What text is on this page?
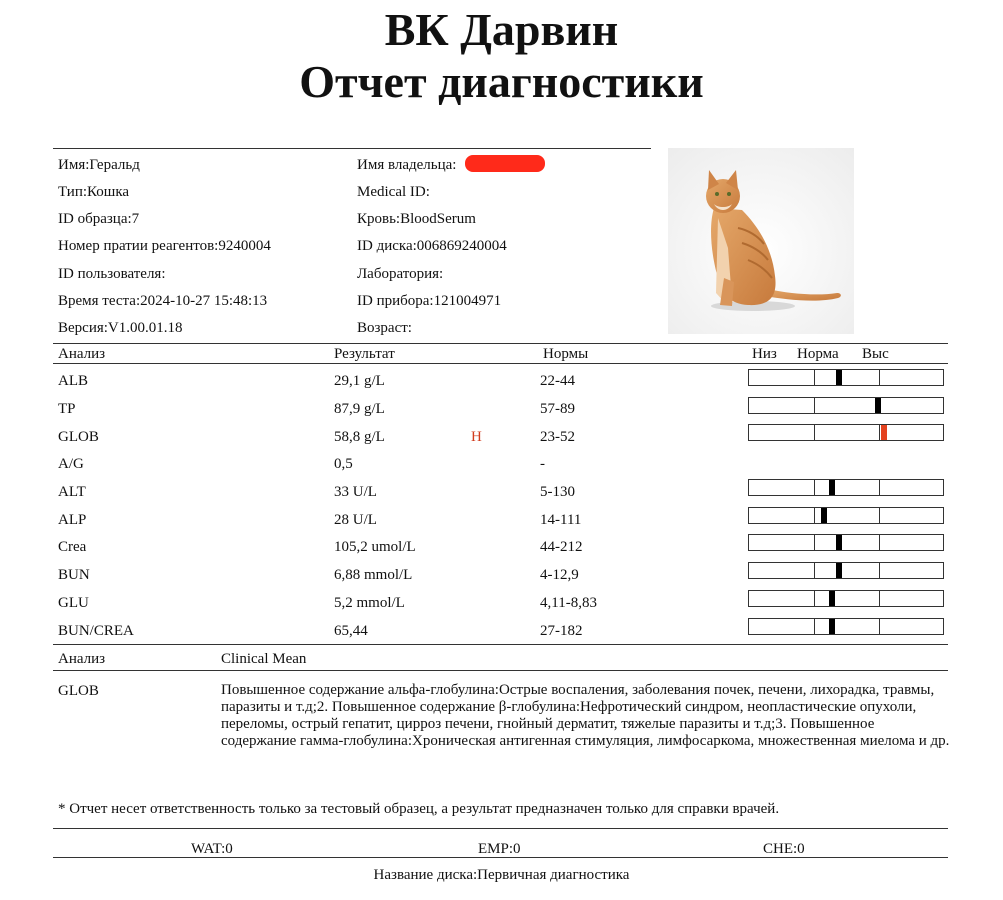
ВК Дарвин
Отчет диагностики
Имя:Геральд	Имя владельца:
Тип:Кошка	Medical ID:
ID образца:7	Кровь:BloodSerum
Номер пратии реагентов:9240004	ID диска:006869240004
ID пользователя:	Лаборатория:
Время теста:2024-10-27 15:48:13	ID прибора:121004971
Версия:V1.00.01.18	Возраст:
Анализ	Результат	Нормы	Низ Норма Выс
ALB	29,1 g/L	22-44
TP	87,9 g/L	57-89
GLOB	58,8 g/L	H	23-52
A/G	0,5	-
ALT	33 U/L	5-130
ALP	28 U/L	14-111
Crea	105,2 umol/L	44-212
BUN	6,88 mmol/L	4-12,9
GLU	5,2 mmol/L	4,11-8,83
BUN/CREA	65,44	27-182
Анализ	Clinical Mean
GLOB	Повышенное содержание альфа-глобулина:Острые воспаления, заболевания почек, печени, лихорадка, травмы, паразиты и т.д;2. Повышенное содержание β-глобулина:Нефротический синдром, неопластические опухоли, переломы, острый гепатит, цирроз печени, гнойный дерматит, тяжелые паразиты и т.д;3. Повышенное содержание гамма-глобулина:Хроническая антигенная стимуляция, лимфосаркома, множественная миелома и др.
* Отчет несет ответственность только за тестовый образец, а результат предназначен только для справки врачей.
WAT:0	EMP:0	CHE:0
Название диска:Первичная диагностика
